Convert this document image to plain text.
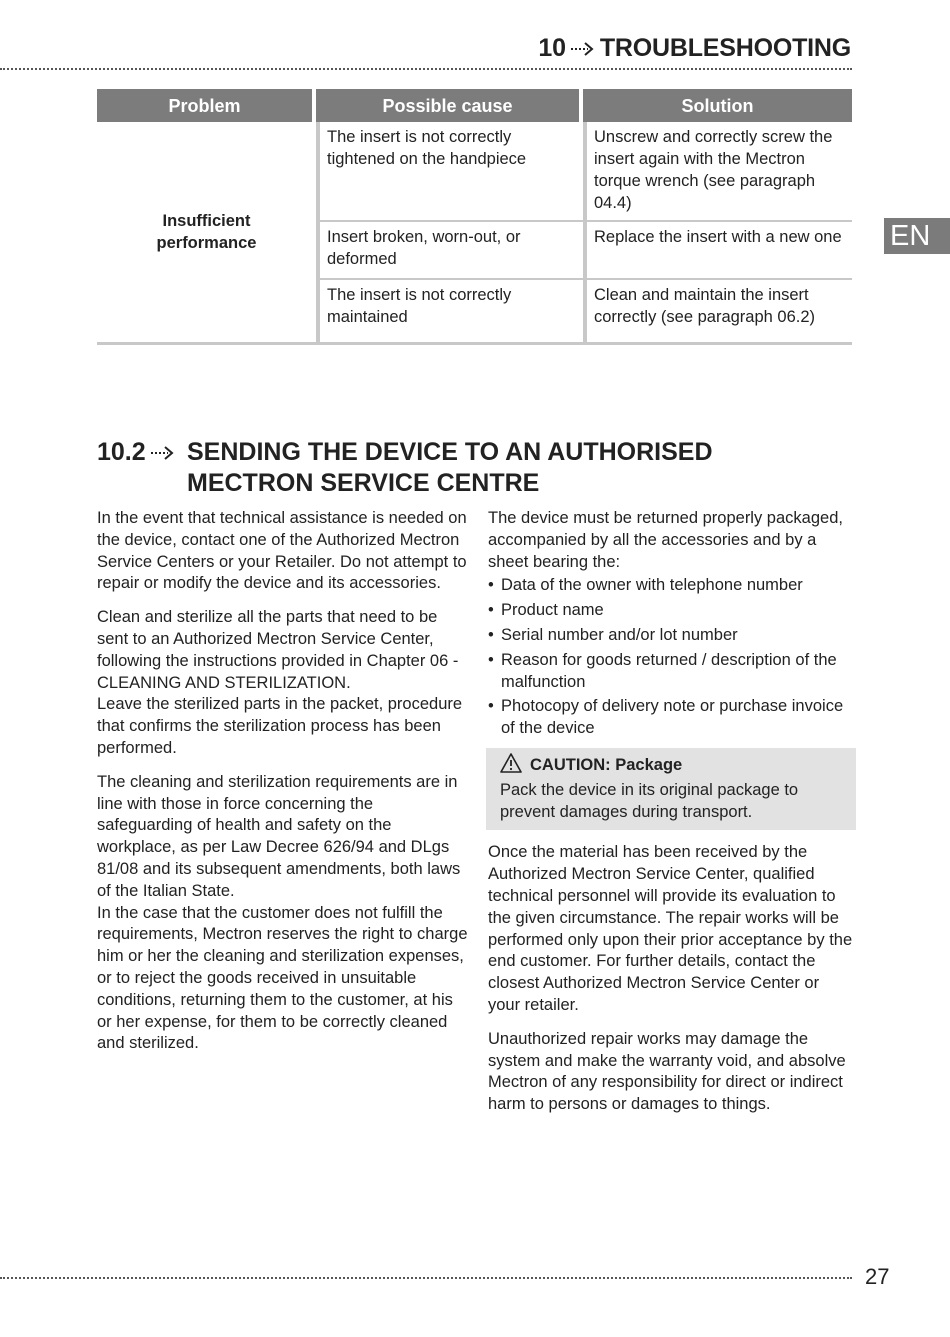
10 TROUBLESHOOTING
EN
Problem	Possible cause	Solution
Insufficient
performance	The insert is not correctly tightened on the handpiece	Unscrew and correctly screw the insert again with the Mectron torque wrench (see paragraph 04.4)
	Insert broken, worn-out, or deformed	Replace the insert with a new one
	The insert is not correctly maintained	Clean and maintain the insert correctly (see paragraph 06.2)
10.2 SENDING THE DEVICE TO AN AUTHORISED
MECTRON SERVICE CENTRE

In the event that technical assistance is needed on the device, contact one of the Authorized Mectron Service Centers or your Retailer. Do not attempt to repair or modify the device and its accessories.

Clean and sterilize all the parts that need to be sent to an Authorized Mectron Service Center, following the instructions provided in Chapter 06 - CLEANING AND STERILIZATION.
Leave the sterilized parts in the packet, procedure that confirms the sterilization process has been performed.

The cleaning and sterilization requirements are in line with those in force concerning the safeguarding of health and safety on the workplace, as per Law Decree 626/94 and DLgs 81/08 and its subsequent amendments, both laws of the Italian State.
In the case that the customer does not fulfill the requirements, Mectron reserves the right to charge him or her the cleaning and sterilization expenses, or to reject the goods received in unsuitable conditions, returning them to the customer, at his or her expense, for them to be correctly cleaned and sterilized.

The device must be returned properly packaged, accompanied by all the accessories and by a sheet bearing the:

• Data of the owner with telephone number
• Product name
• Serial number and/or lot number
• Reason for goods returned / description of the malfunction
• Photocopy of delivery note or purchase invoice of the device
CAUTION: Package
Pack the device in its original package to prevent damages during transport.

Once the material has been received by the Authorized Mectron Service Center, qualified technical personnel will provide its evaluation to the given circumstance. The repair works will be performed only upon their prior acceptance by the end customer. For further details, contact the closest Authorized Mectron Service Center or your retailer.

Unauthorized repair works may damage the system and make the warranty void, and absolve Mectron of any responsibility for direct or indirect harm to persons or damages to things.

27
